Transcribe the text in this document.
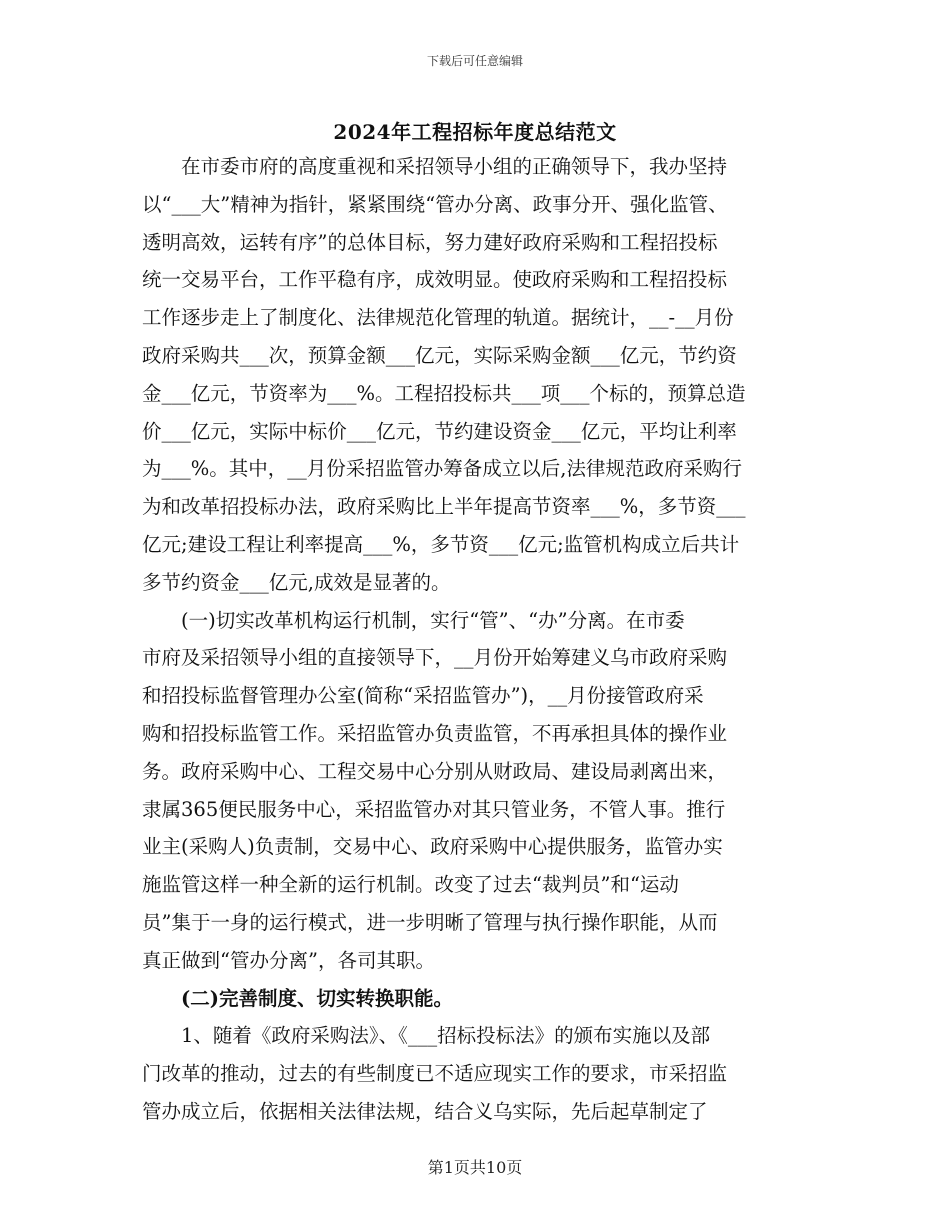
下载后可任意编辑
2024年工程招标年度总结范文
在市委市府的高度重视和采招领导小组的正确领导下，我办坚持
以“___大”精神为指针，紧紧围绕“管办分离、政事分开、强化监管、
透明高效，运转有序”的总体目标，努力建好政府采购和工程招投标
统一交易平台，工作平稳有序，成效明显。使政府采购和工程招投标
工作逐步走上了制度化、法律规范化管理的轨道。据统计，__-__月份
政府采购共___次，预算金额___亿元，实际采购金额___亿元，节约资
金___亿元，节资率为___%。工程招投标共___项___个标的，预算总造
价___亿元，实际中标价___亿元，节约建设资金___亿元，平均让利率
为___%。其中，__月份采招监管办筹备成立以后,法律规范政府采购行
为和改革招投标办法，政府采购比上半年提高节资率___%，多节资___
亿元;建设工程让利率提高___%，多节资___亿元;监管机构成立后共计
多节约资金___亿元,成效是显著的。
(一)切实改革机构运行机制，实行“管”、“办”分离。在市委
市府及采招领导小组的直接领导下，__月份开始筹建义乌市政府采购
和招投标监督管理办公室(简称“采招监管办”)，__月份接管政府采
购和招投标监管工作。采招监管办负责监管，不再承担具体的操作业
务。政府采购中心、工程交易中心分别从财政局、建设局剥离出来，
隶属365便民服务中心，采招监管办对其只管业务，不管人事。推行
业主(采购人)负责制，交易中心、政府采购中心提供服务，监管办实
施监管这样一种全新的运行机制。改变了过去“裁判员”和“运动
员”集于一身的运行模式，进一步明晰了管理与执行操作职能，从而
真正做到“管办分离”，各司其职。
(二)完善制度、切实转换职能。
1、随着《政府采购法》、《___招标投标法》的颁布实施以及部
门改革的推动，过去的有些制度已不适应现实工作的要求，市采招监
管办成立后，依据相关法律法规，结合义乌实际，先后起草制定了
第1页共10页
